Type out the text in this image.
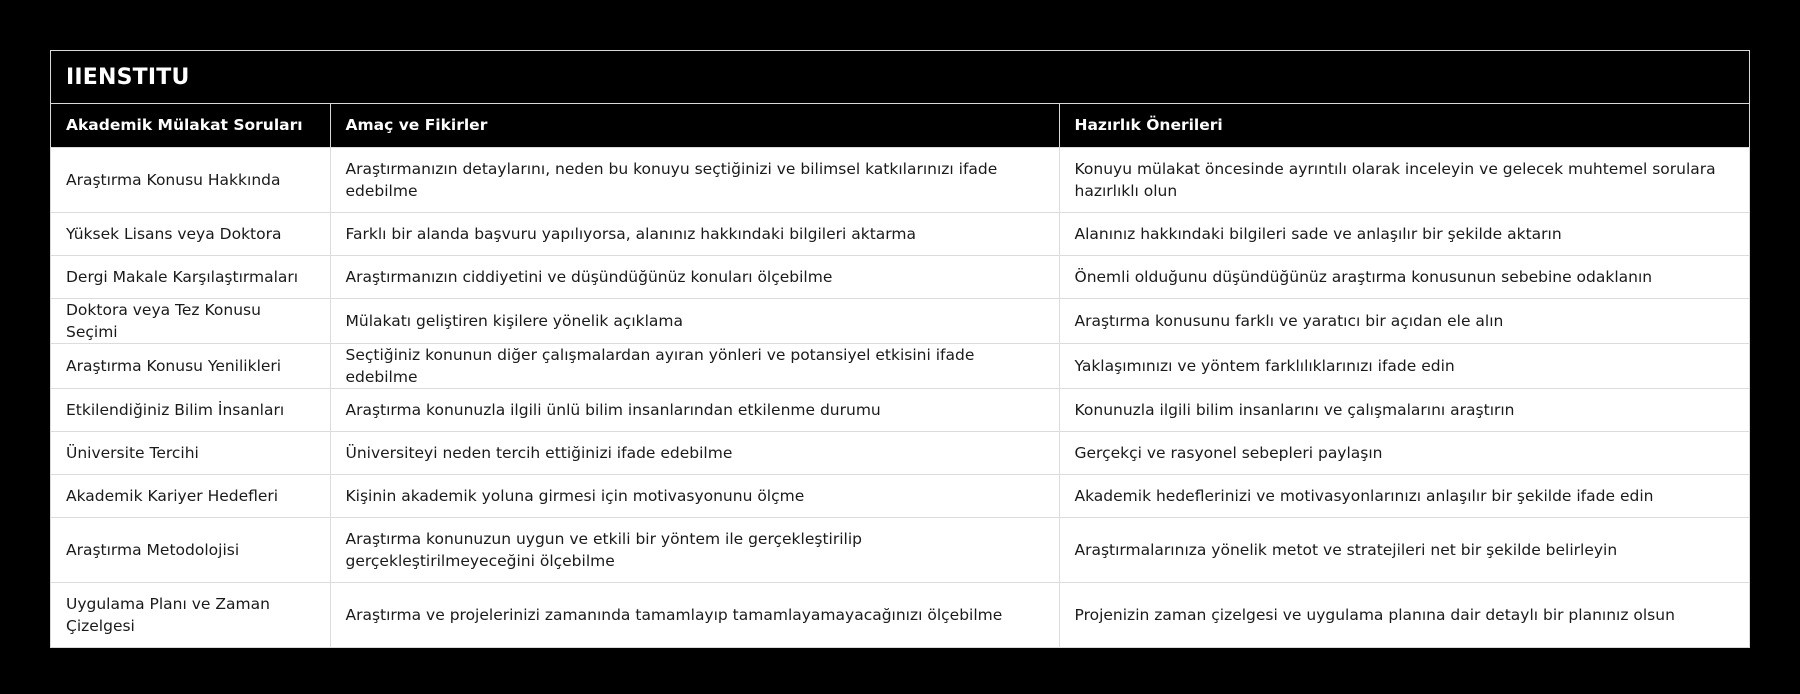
IIENSTITU
Akademik Mülakat Soruları	Amaç ve Fikirler	Hazırlık Önerileri
Araştırma Konusu Hakkında	Araştırmanızın detaylarını, neden bu konuyu seçtiğinizi ve bilimsel katkılarınızı ifade edebilme	Konuyu mülakat öncesinde ayrıntılı olarak inceleyin ve gelecek muhtemel sorulara hazırlıklı olun
Yüksek Lisans veya Doktora	Farklı bir alanda başvuru yapılıyorsa, alanınız hakkındaki bilgileri aktarma	Alanınız hakkındaki bilgileri sade ve anlaşılır bir şekilde aktarın
Dergi Makale Karşılaştırmaları	Araştırmanızın ciddiyetini ve düşündüğünüz konuları ölçebilme	Önemli olduğunu düşündüğünüz araştırma konusunun sebebine odaklanın
Doktora veya Tez Konusu Seçimi	Mülakatı geliştiren kişilere yönelik açıklama	Araştırma konusunu farklı ve yaratıcı bir açıdan ele alın
Araştırma Konusu Yenilikleri	Seçtiğiniz konunun diğer çalışmalardan ayıran yönleri ve potansiyel etkisini ifade edebilme	Yaklaşımınızı ve yöntem farklılıklarınızı ifade edin
Etkilendiğiniz Bilim İnsanları	Araştırma konunuzla ilgili ünlü bilim insanlarından etkilenme durumu	Konunuzla ilgili bilim insanlarını ve çalışmalarını araştırın
Üniversite Tercihi	Üniversiteyi neden tercih ettiğinizi ifade edebilme	Gerçekçi ve rasyonel sebepleri paylaşın
Akademik Kariyer Hedefleri	Kişinin akademik yoluna girmesi için motivasyonunu ölçme	Akademik hedeflerinizi ve motivasyonlarınızı anlaşılır bir şekilde ifade edin
Araştırma Metodolojisi	Araştırma konunuzun uygun ve etkili bir yöntem ile gerçekleştirilip gerçekleştirilmeyeceğini ölçebilme	Araştırmalarınıza yönelik metot ve stratejileri net bir şekilde belirleyin
Uygulama Planı ve Zaman Çizelgesi	Araştırma ve projelerinizi zamanında tamamlayıp tamamlayamayacağınızı ölçebilme	Projenizin zaman çizelgesi ve uygulama planına dair detaylı bir planınız olsun
